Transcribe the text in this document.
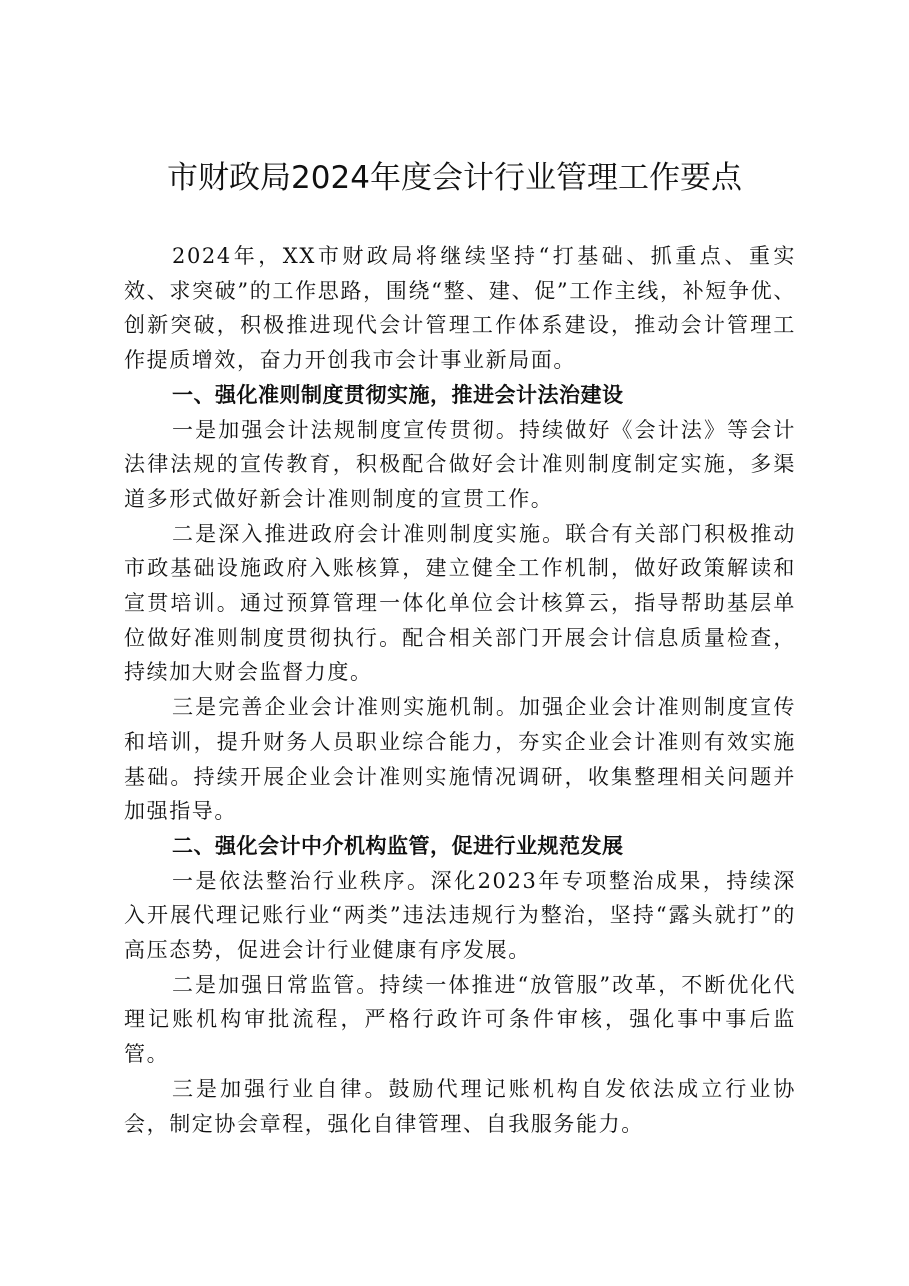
市财政局2024年度会计行业管理工作要点

2024年，XX市财政局将继续坚持“打基础、抓重点、重实效、求突破”的工作思路，围绕“整、建、促”工作主线，补短争优、创新突破，积极推进现代会计管理工作体系建设，推动会计管理工作提质增效，奋力开创我市会计事业新局面。

一、强化准则制度贯彻实施，推进会计法治建设

一是加强会计法规制度宣传贯彻。持续做好《会计法》等会计法律法规的宣传教育，积极配合做好会计准则制度制定实施，多渠道多形式做好新会计准则制度的宣贯工作。

二是深入推进政府会计准则制度实施。联合有关部门积极推动市政基础设施政府入账核算，建立健全工作机制，做好政策解读和宣贯培训。通过预算管理一体化单位会计核算云，指导帮助基层单位做好准则制度贯彻执行。配合相关部门开展会计信息质量检查，持续加大财会监督力度。

三是完善企业会计准则实施机制。加强企业会计准则制度宣传和培训，提升财务人员职业综合能力，夯实企业会计准则有效实施基础。持续开展企业会计准则实施情况调研，收集整理相关问题并加强指导。

二、强化会计中介机构监管，促进行业规范发展

一是依法整治行业秩序。深化2023年专项整治成果，持续深入开展代理记账行业“两类”违法违规行为整治，坚持“露头就打”的高压态势，促进会计行业健康有序发展。

二是加强日常监管。持续一体推进“放管服”改革，不断优化代理记账机构审批流程，严格行政许可条件审核，强化事中事后监管。

三是加强行业自律。鼓励代理记账机构自发依法成立行业协会，制定协会章程，强化自律管理、自我服务能力。
